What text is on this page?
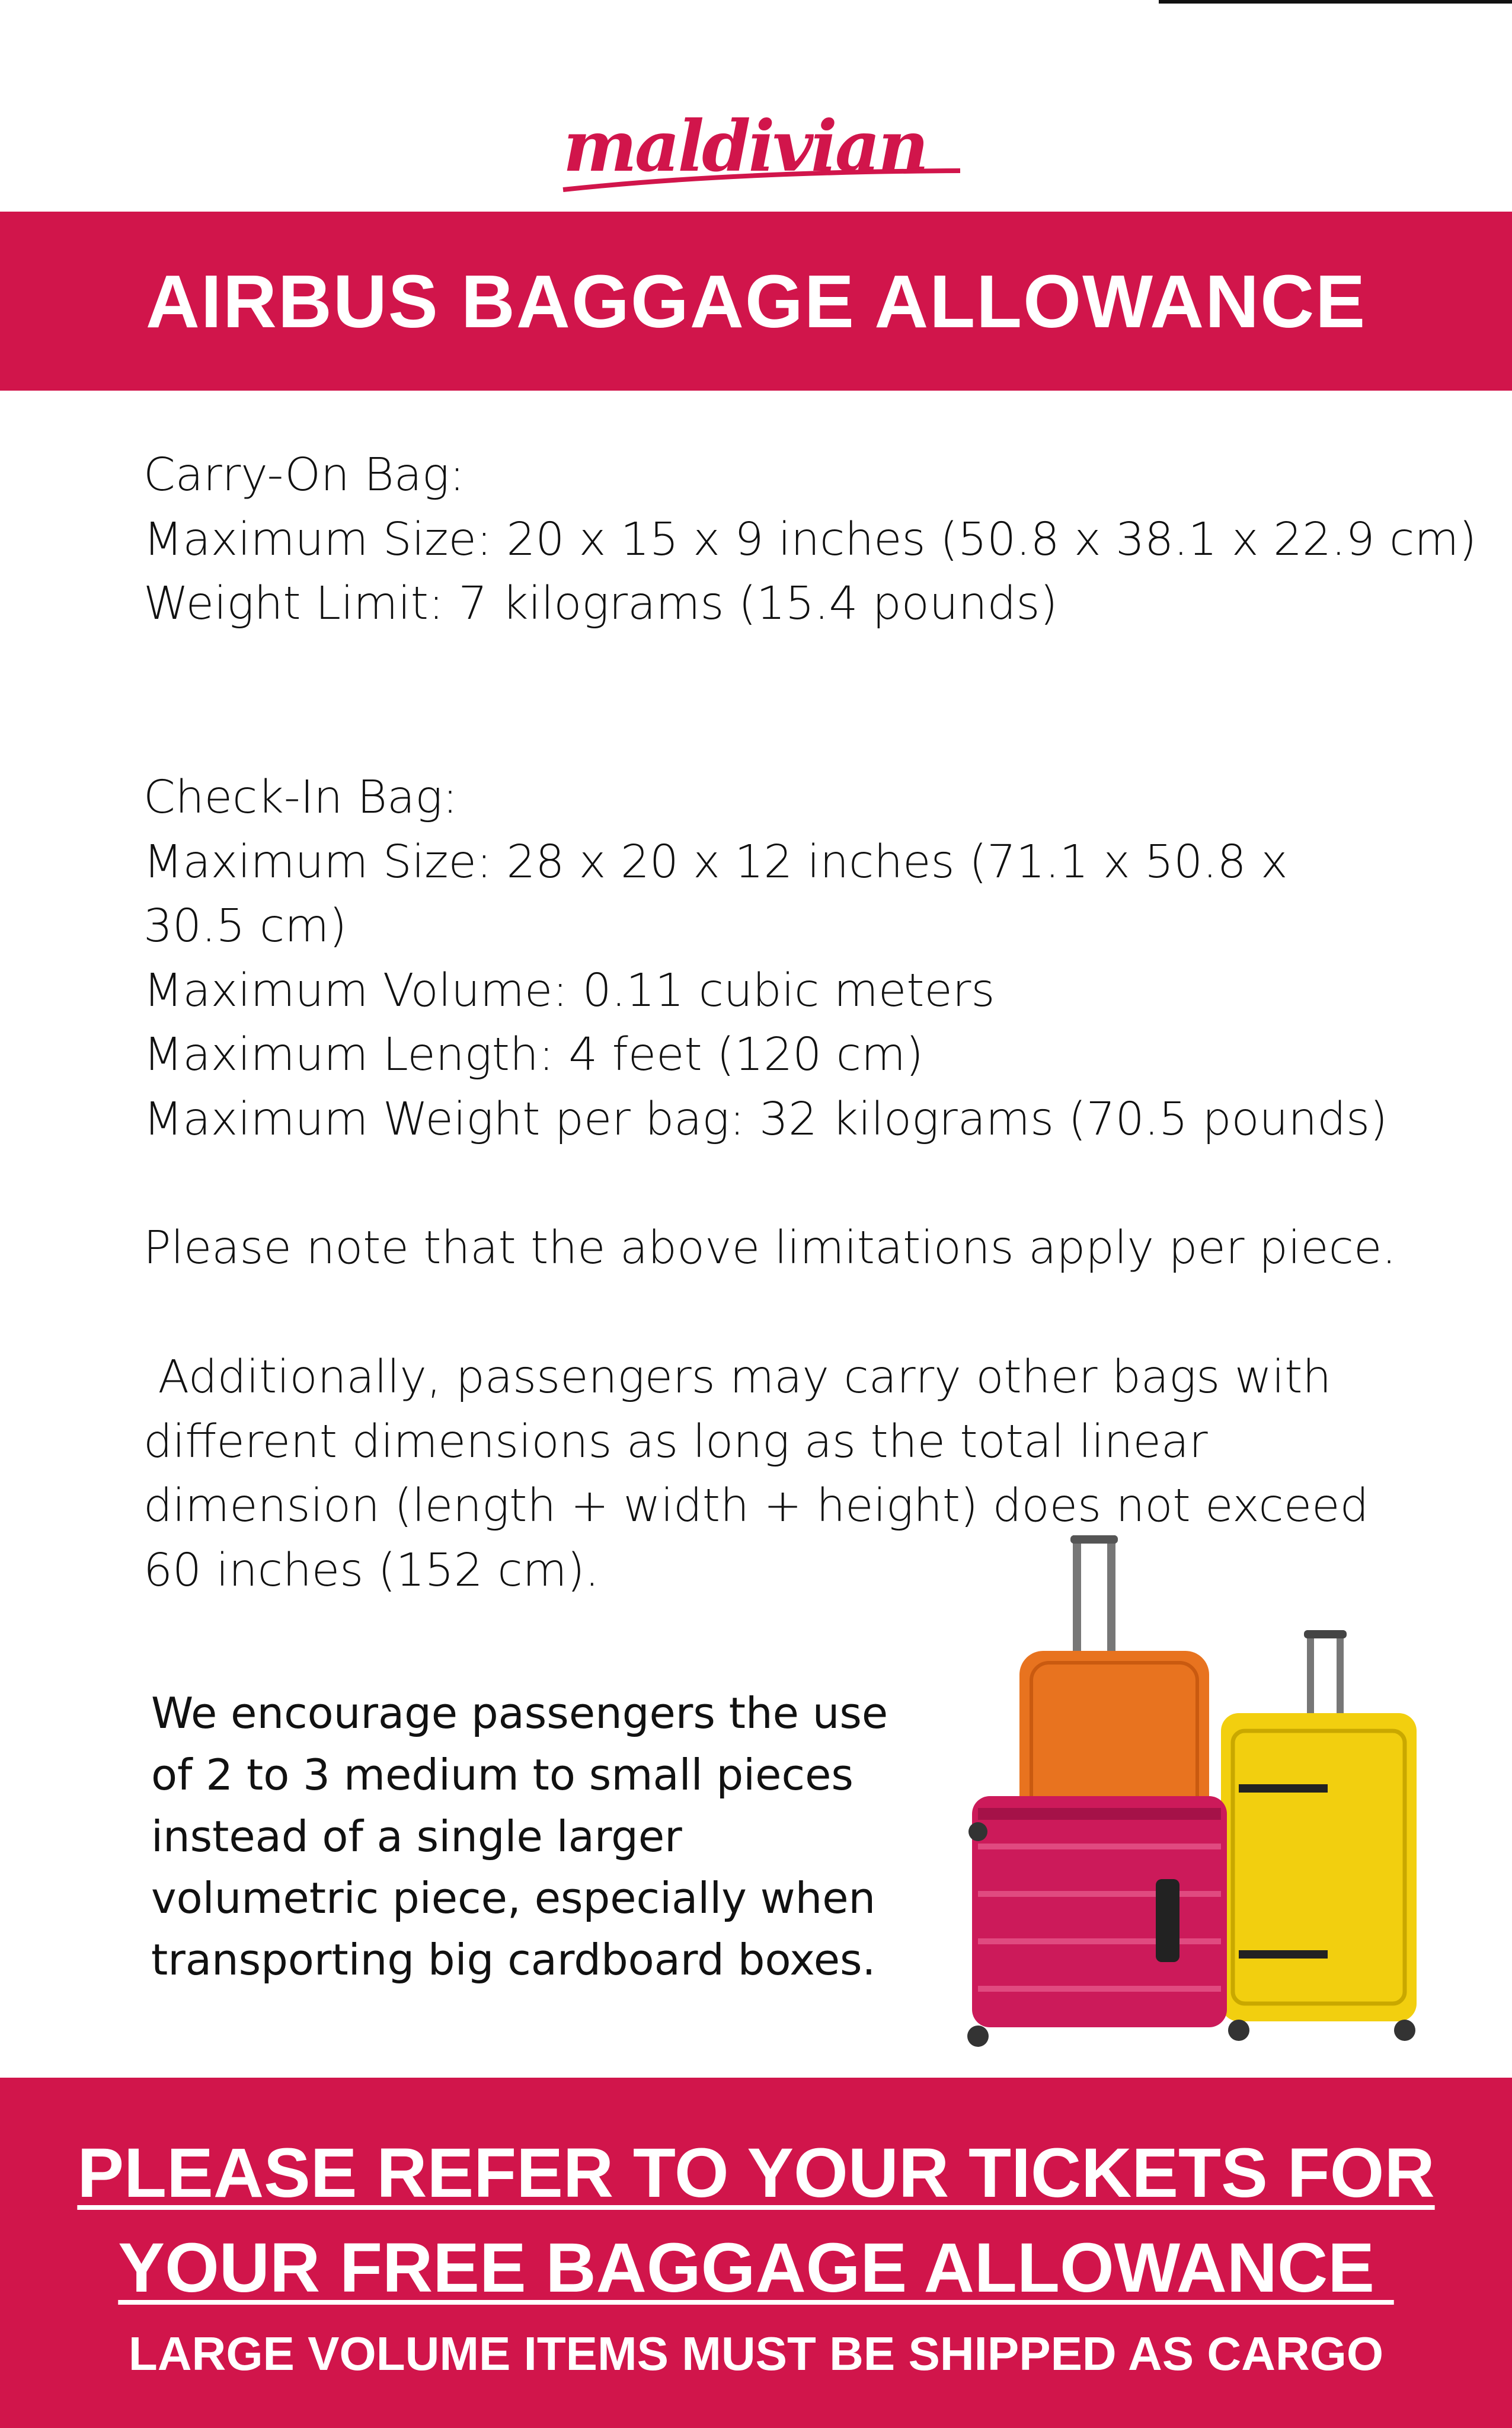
maldivian
AIRBUS BAGGAGE ALLOWANCE

Carry-On Bag:

Maximum Size: 20 x 15 x 9 inches (50.8 x 38.1 x 22.9 cm)

Weight Limit: 7 kilograms (15.4 pounds)

Check-In Bag:

Maximum Size: 28 x 20 x 12 inches (71.1 x 50.8 x 30.5 cm)

Maximum Volume: 0.11 cubic meters

Maximum Length: 4 feet (120 cm)

Maximum Weight per bag: 32 kilograms (70.5 pounds)

Please note that the above limitations apply per piece.

Additionally, passengers may carry other bags with different dimensions as long as the total linear dimension (length + width + height) does not exceed 60 inches (152 cm).

We encourage passengers the use of 2 to 3 medium to small pieces instead of a single larger volumetric piece, especially when transporting big cardboard boxes.
PLEASE REFER TO YOUR TICKETS FOR
YOUR FREE BAGGAGE ALLOWANCE
LARGE VOLUME ITEMS MUST BE SHIPPED AS CARGO
